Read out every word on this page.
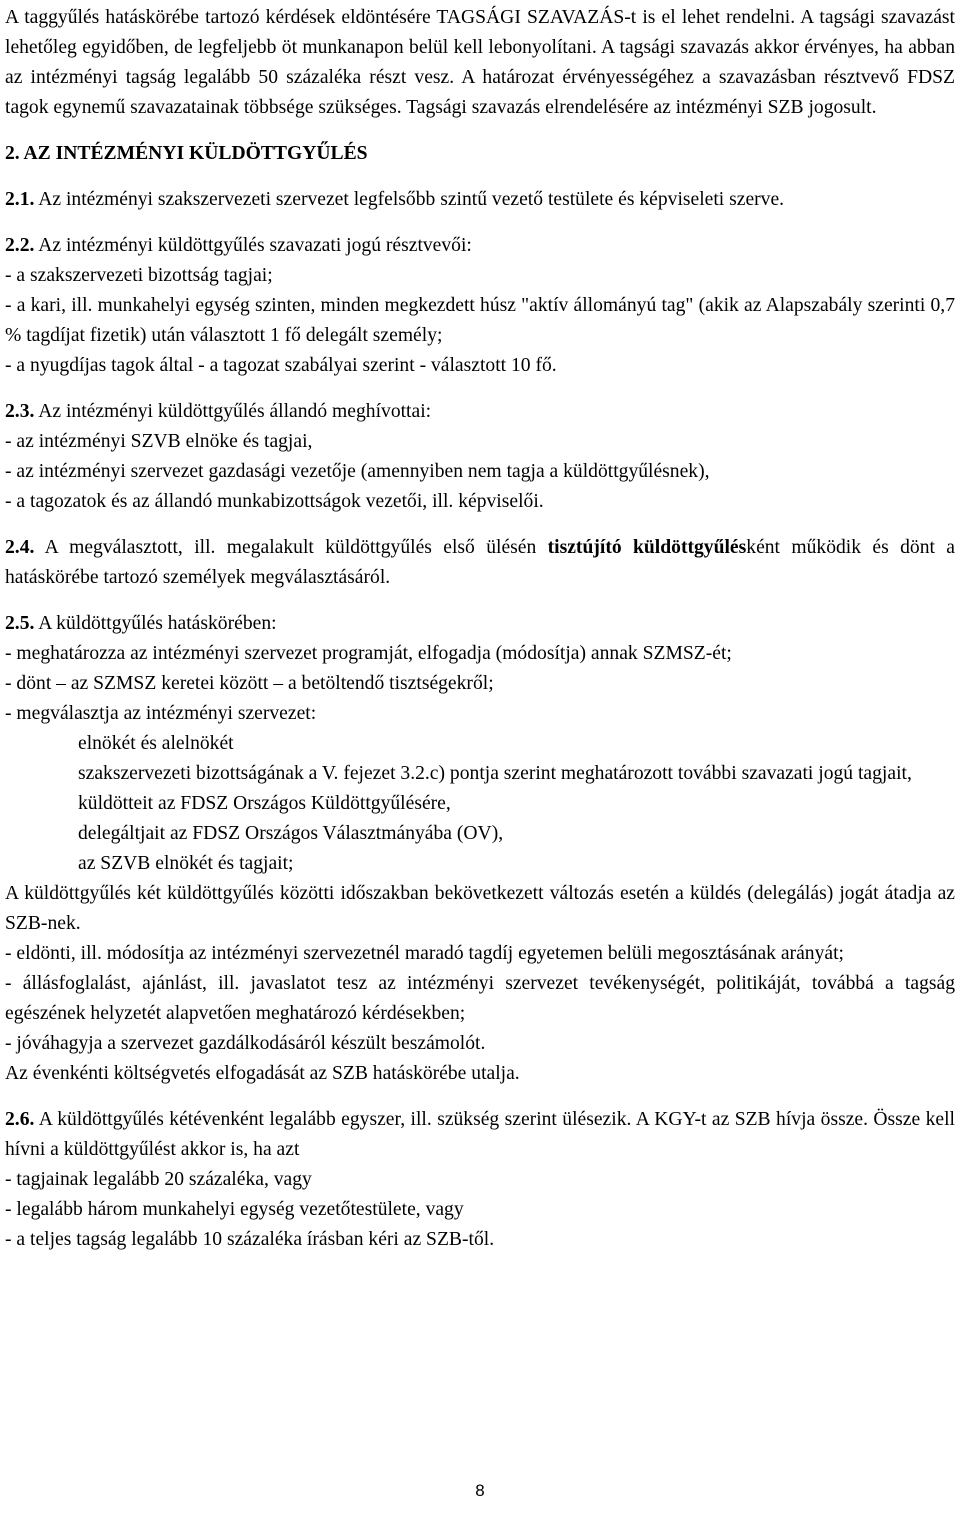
A taggyűlés hatáskörébe tartozó kérdések eldöntésére TAGSÁGI SZAVAZÁS-t is el lehet rendelni. A tagsági szavazást lehetőleg egyidőben, de legfeljebb öt munkanapon belül kell lebonyolítani. A tagsági szavazás akkor érvényes, ha abban az intézményi tagság legalább 50 százaléka részt vesz. A határozat érvényességéhez a szavazásban résztvevő FDSZ tagok egynemű szavazatainak többsége szükséges. Tagsági szavazás elrendelésére az intézményi SZB jogosult.

2. AZ INTÉZMÉNYI KÜLDÖTTGYŰLÉS

2.1. Az intézményi szakszervezeti szervezet legfelsőbb szintű vezető testülete és képviseleti szerve.

2.2. Az intézményi küldöttgyűlés szavazati jogú résztvevői:

- a szakszervezeti bizottság tagjai;

- a kari, ill. munkahelyi egység szinten, minden megkezdett húsz "aktív állományú tag" (akik az Alapszabály szerinti 0,7 % tagdíjat fizetik) után választott 1 fő delegált személy;

- a nyugdíjas tagok által - a tagozat szabályai szerint - választott 10 fő.

2.3. Az intézményi küldöttgyűlés állandó meghívottai:

- az intézményi SZVB elnöke és tagjai,

- az intézményi szervezet gazdasági vezetője (amennyiben nem tagja a küldöttgyűlésnek),

- a tagozatok és az állandó munkabizottságok vezetői, ill. képviselői.

2.4. A megválasztott, ill. megalakult küldöttgyűlés első ülésén tisztújító küldöttgyűlésként működik és dönt a hatáskörébe tartozó személyek megválasztásáról.

2.5. A küldöttgyűlés hatáskörében:

- meghatározza az intézményi szervezet programját, elfogadja (módosítja) annak SZMSZ-ét;

- dönt – az SZMSZ keretei között – a betöltendő tisztségekről;

- megválasztja az intézményi szervezet:

elnökét és alelnökét

szakszervezeti bizottságának a V. fejezet 3.2.c) pontja szerint meghatározott további szavazati jogú tagjait,

küldötteit az FDSZ Országos Küldöttgyűlésére,

delegáltjait az FDSZ Országos Választmányába (OV),

az SZVB elnökét és tagjait;

A küldöttgyűlés két küldöttgyűlés közötti időszakban bekövetkezett változás esetén a küldés (delegálás) jogát átadja az SZB-nek.

- eldönti, ill. módosítja az intézményi szervezetnél maradó tagdíj egyetemen belüli megosztásának arányát;

- állásfoglalást, ajánlást, ill. javaslatot tesz az intézményi szervezet tevékenységét, politikáját, továbbá a tagság egészének helyzetét alapvetően meghatározó kérdésekben;

- jóváhagyja a szervezet gazdálkodásáról készült beszámolót.

Az évenkénti költségvetés elfogadását az SZB hatáskörébe utalja.

2.6. A küldöttgyűlés kétévenként legalább egyszer, ill. szükség szerint ülésezik. A KGY-t az SZB hívja össze. Össze kell hívni a küldöttgyűlést akkor is, ha azt

- tagjainak legalább 20 százaléka, vagy

- legalább három munkahelyi egység vezetőtestülete, vagy

- a teljes tagság legalább 10 százaléka írásban kéri az SZB-től.

8
